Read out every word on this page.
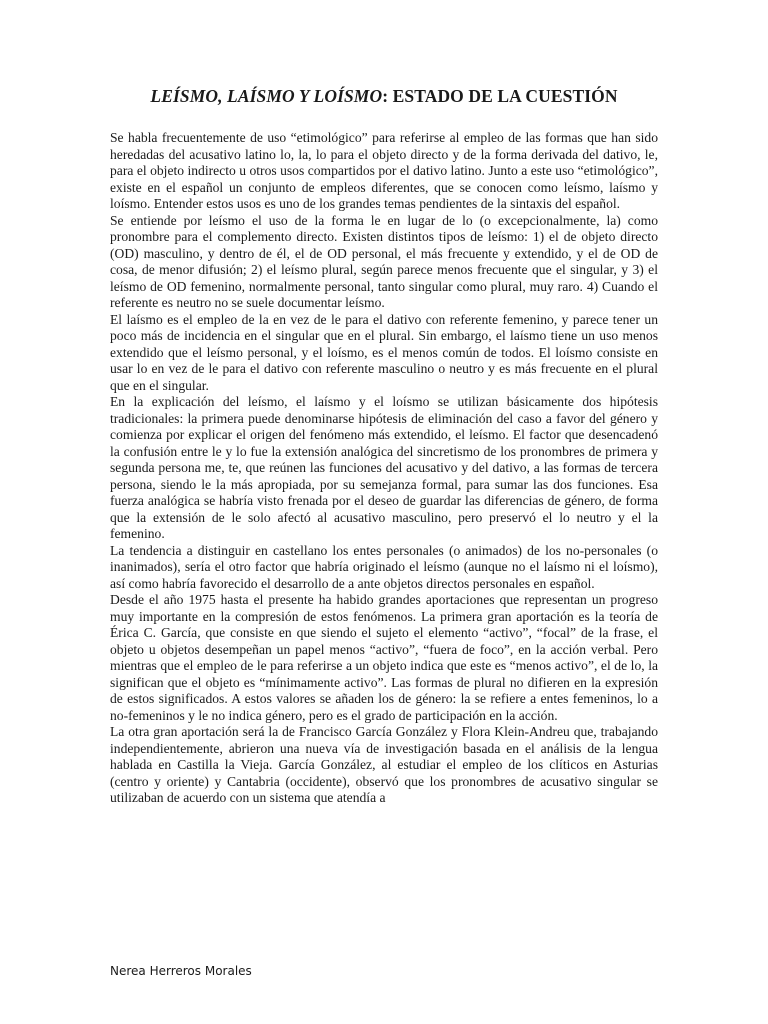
LEÍSMO, LAÍSMO Y LOÍSMO: ESTADO DE LA CUESTIÓN

Se habla frecuentemente de uso “etimológico” para referirse al empleo de las formas que han sido heredadas del acusativo latino lo, la, lo para el objeto directo y de la forma derivada del dativo, le, para el objeto indirecto u otros usos compartidos por el dativo latino. Junto a este uso “etimológico”, existe en el español un conjunto de empleos diferentes, que se conocen como leísmo, laísmo y loísmo. Entender estos usos es uno de los grandes temas pendientes de la sintaxis del español.

Se entiende por leísmo el uso de la forma le en lugar de lo (o excepcionalmente, la) como pronombre para el complemento directo. Existen distintos tipos de leísmo: 1) el de objeto directo (OD) masculino, y dentro de él, el de OD personal, el más frecuente y extendido, y el de OD de cosa, de menor difusión; 2) el leísmo plural, según parece menos frecuente que el singular, y 3) el leísmo de OD femenino, normalmente personal, tanto singular como plural, muy raro. 4) Cuando el referente es neutro no se suele documentar leísmo.

El laísmo es el empleo de la en vez de le para el dativo con referente femenino, y parece tener un poco más de incidencia en el singular que en el plural. Sin embargo, el laísmo tiene un uso menos extendido que el leísmo personal, y el loísmo, es el menos común de todos. El loísmo consiste en usar lo en vez de le para el dativo con referente masculino o neutro y es más frecuente en el plural que en el singular.

En la explicación del leísmo, el laísmo y el loísmo se utilizan básicamente dos hipótesis tradicionales: la primera puede denominarse hipótesis de eliminación del caso a favor del género y comienza por explicar el origen del fenómeno más extendido, el leísmo. El factor que desencadenó la confusión entre le y lo fue la extensión analógica del sincretismo de los pronombres de primera y segunda persona me, te, que reúnen las funciones del acusativo y del dativo, a las formas de tercera persona, siendo le la más apropiada, por su semejanza formal, para sumar las dos funciones. Esa fuerza analógica se habría visto frenada por el deseo de guardar las diferencias de género, de forma que la extensión de le solo afectó al acusativo masculino, pero preservó el lo neutro y el la femenino.

La tendencia a distinguir en castellano los entes personales (o animados) de los no-personales (o inanimados), sería el otro factor que habría originado el leísmo (aunque no el laísmo ni el loísmo), así como habría favorecido el desarrollo de a ante objetos directos personales en español.

Desde el año 1975 hasta el presente ha habido grandes aportaciones que representan un progreso muy importante en la compresión de estos fenómenos. La primera gran aportación es la teoría de Érica C. García, que consiste en que siendo el sujeto el elemento “activo”, “focal” de la frase, el objeto u objetos desempeñan un papel menos “activo”, “fuera de foco”, en la acción verbal. Pero mientras que el empleo de le para referirse a un objeto indica que este es “menos activo”, el de lo, la significan que el objeto es “mínimamente activo”. Las formas de plural no difieren en la expresión de estos significados. A estos valores se añaden los de género: la se refiere a entes femeninos, lo a no-femeninos y le no indica género, pero es el grado de participación en la acción.

La otra gran aportación será la de Francisco García González y Flora Klein-Andreu que, trabajando independientemente, abrieron una nueva vía de investigación basada en el análisis de la lengua hablada en Castilla la Vieja. García González, al estudiar el empleo de los clíticos en Asturias (centro y oriente) y Cantabria (occidente), observó que los pronombres de acusativo singular se utilizaban de acuerdo con un sistema que atendía a

Nerea Herreros Morales
